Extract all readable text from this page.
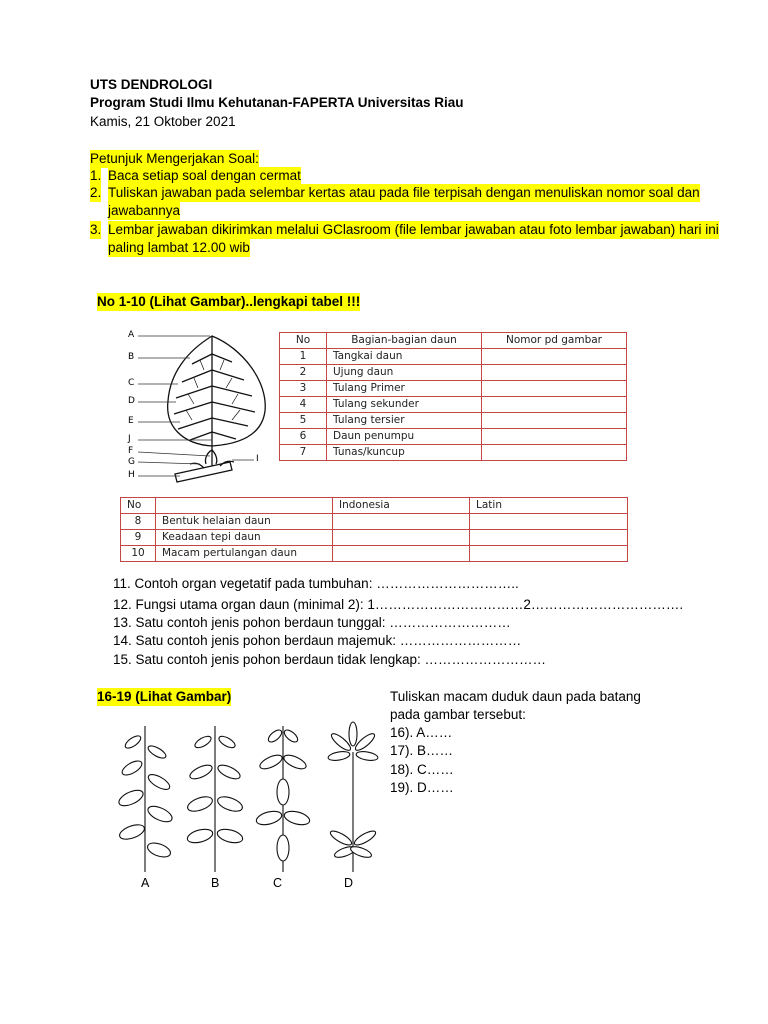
UTS DENDROLOGI
Program Studi Ilmu Kehutanan-FAPERTA Universitas Riau
Kamis, 21 Oktober 2021
Petunjuk Mengerjakan Soal:
1. Baca setiap soal dengan cermat
2. Tuliskan jawaban pada selembar kertas atau pada file terpisah dengan menuliskan nomor soal dan
jawabannya
3. Lembar jawaban dikirimkan melalui GClasroom (file lembar jawaban atau foto lembar jawaban) hari ini
paling lambat 12.00 wib
No 1-10 (Lihat Gambar)..lengkapi tabel !!!
A
B
C
D
E
J
F
G
H
I
No	Bagian-bagian daun	Nomor pd gambar
1	Tangkai daun	
2	Ujung daun	
3	Tulang Primer	
4	Tulang sekunder	
5	Tulang tersier	
6	Daun penumpu	
7	Tunas/kuncup	
No		Indonesia	Latin
8	Bentuk helaian daun		
9	Keadaan tepi daun		
10	Macam pertulangan daun		
11. Contoh organ vegetatif pada tumbuhan: …………………………..
12. Fungsi utama organ daun (minimal 2): 1……………………………2…………………………….
13. Satu contoh jenis pohon berdaun tunggal: ………………………
14. Satu contoh jenis pohon berdaun majemuk: ………………………
15. Satu contoh jenis pohon berdaun tidak lengkap: ………………………
16-19 (Lihat Gambar)	Tuliskan macam duduk daun pada batang
pada gambar tersebut:
16). A……
17). B……
18). C……
19). D……
A	B	C	D
